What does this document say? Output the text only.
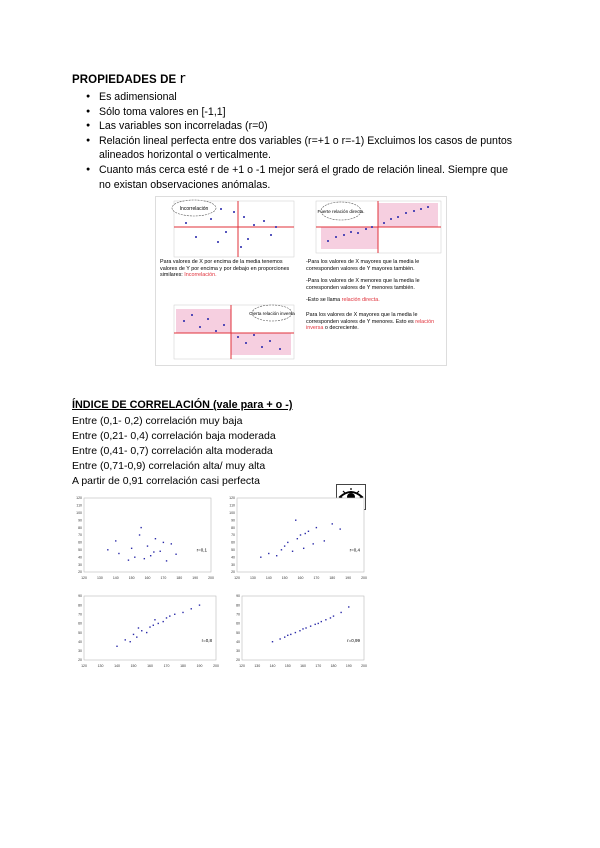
PROPIEDADES DE r
● Es adimensional
● Sólo toma valores en [-1,1]
● Las variables son incorreladas (r=0)
● Relación lineal perfecta entre dos variables (r=+1 o r=-1) Excluimos los casos de puntos alineados horizontal o verticalmente.
● Cuanto más cerca esté r de +1 o -1 mejor será el grado de relación lineal. Siempre que no existan observaciones anómalas.
Incorrelación	Fuerte relación directa.
Para valores de X por encima de la media tenemos valores de Y por encima y por debajo en proporciones similares: Incorrelación.
Cierta relación inversa
-Para los valores de X mayores que la media le corresponden valores de Y mayores también.
-Para los valores de X menores que la media le corresponden valores de Y menores también.
-Esto se llama relación directa.
Para los valores de X mayores que la media le corresponden valores de Y menores. Esto es relación inversa o decreciente.
ÍNDICE DE CORRELACIÓN (vale para + o -)
Entre (0,1- 0,2) correlación muy baja
Entre (0,21- 0,4) correlación baja moderada
Entre (0,41- 0,7) correlación alta moderada
Entre (0,71-0,9) correlación alta/ muy alta
A partir de 0,91 correlación casi perfecta
120	130	140	150	160	170	180	190	200
20
30
40
50
60
70
80
90
100
110
120
r=0,1
120	130	140	150	160	170	180	190	200
20
30
40
50
60
70
80
90
100
110
120
r=0,4
120	130	140	150	160	170	180	190	200
20
30
40
50
60
70
80
90
r=0,8
120	130	140	150	160	170	180	190	200
20
30
40
50
60
70
80
90
r=0,99
